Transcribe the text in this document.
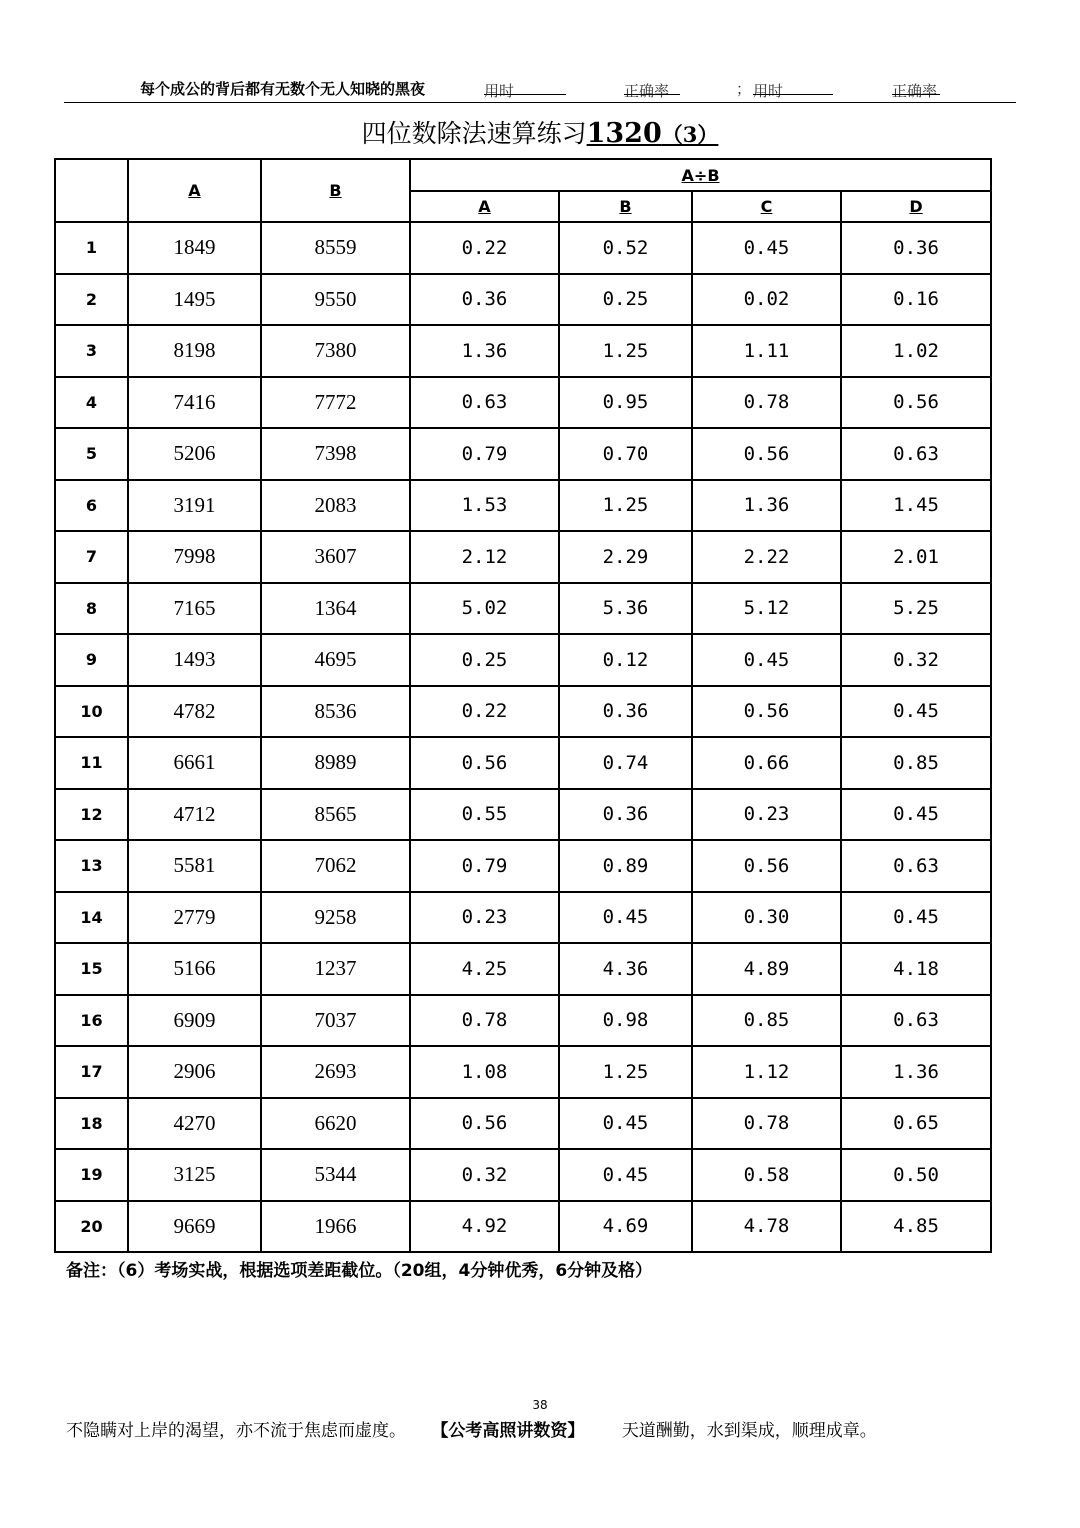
每个成公的背后都有无数个无人知晓的黑夜	用时	正确率	； 用时	正确率
四位数除法速算练习1320（3）
	A	B	A÷B			
			A	B	C	D
1	1849	8559	0.22	0.52	0.45	0.36
2	1495	9550	0.36	0.25	0.02	0.16
3	8198	7380	1.36	1.25	1.11	1.02
4	7416	7772	0.63	0.95	0.78	0.56
5	5206	7398	0.79	0.70	0.56	0.63
6	3191	2083	1.53	1.25	1.36	1.45
7	7998	3607	2.12	2.29	2.22	2.01
8	7165	1364	5.02	5.36	5.12	5.25
9	1493	4695	0.25	0.12	0.45	0.32
10	4782	8536	0.22	0.36	0.56	0.45
11	6661	8989	0.56	0.74	0.66	0.85
12	4712	8565	0.55	0.36	0.23	0.45
13	5581	7062	0.79	0.89	0.56	0.63
14	2779	9258	0.23	0.45	0.30	0.45
15	5166	1237	4.25	4.36	4.89	4.18
16	6909	7037	0.78	0.98	0.85	0.63
17	2906	2693	1.08	1.25	1.12	1.36
18	4270	6620	0.56	0.45	0.78	0.65
19	3125	5344	0.32	0.45	0.58	0.50
20	9669	1966	4.92	4.69	4.78	4.85
备注：（6）考场实战，根据选项差距截位。（20组，4分钟优秀，6分钟及格）
38
不隐瞒对上岸的渴望，亦不流于焦虑而虚度。 【公考高照讲数资】 天道酬勤，水到渠成，顺理成章。
